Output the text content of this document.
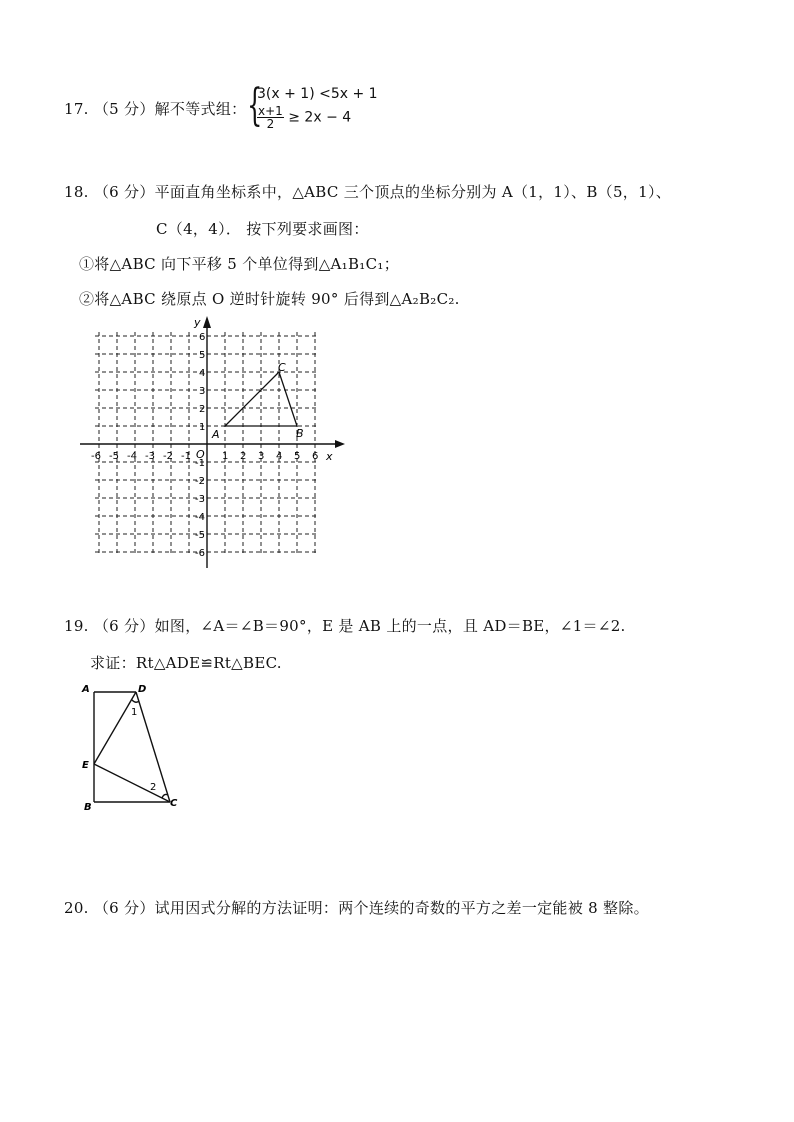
17. （5 分）解不等式组： {
3(x + 1) <5x + 1
$\frac{x+1}{2} \ge 2x - 4$
18. （6 分）平面直角坐标系中，△ABC 三个顶点的坐标分别为 A（1，1）、B（5，1）、
C（4，4）． 按下列要求画图：
①将△ABC 向下平移 5 个单位得到△A₁B₁C₁；
②将△ABC 绕原点 O 逆时针旋转 90° 后得到△A₂B₂C₂.
y
x
O
-6 -5 -4 -3 -2 -1	1 2 3 4 5 6
6
5
4
3
2
1
-1
-2
-3
-4
-5
-6
A	B
C
19. （6 分）如图，∠A＝∠B＝90°，E 是 AB 上的一点，且 AD＝BE，∠1＝∠2.
求证：Rt△ADE≌Rt△BEC.
A	D
E
B	C
1
2
20. （6 分）试用因式分解的方法证明：两个连续的奇数的平方之差一定能被 8 整除。
